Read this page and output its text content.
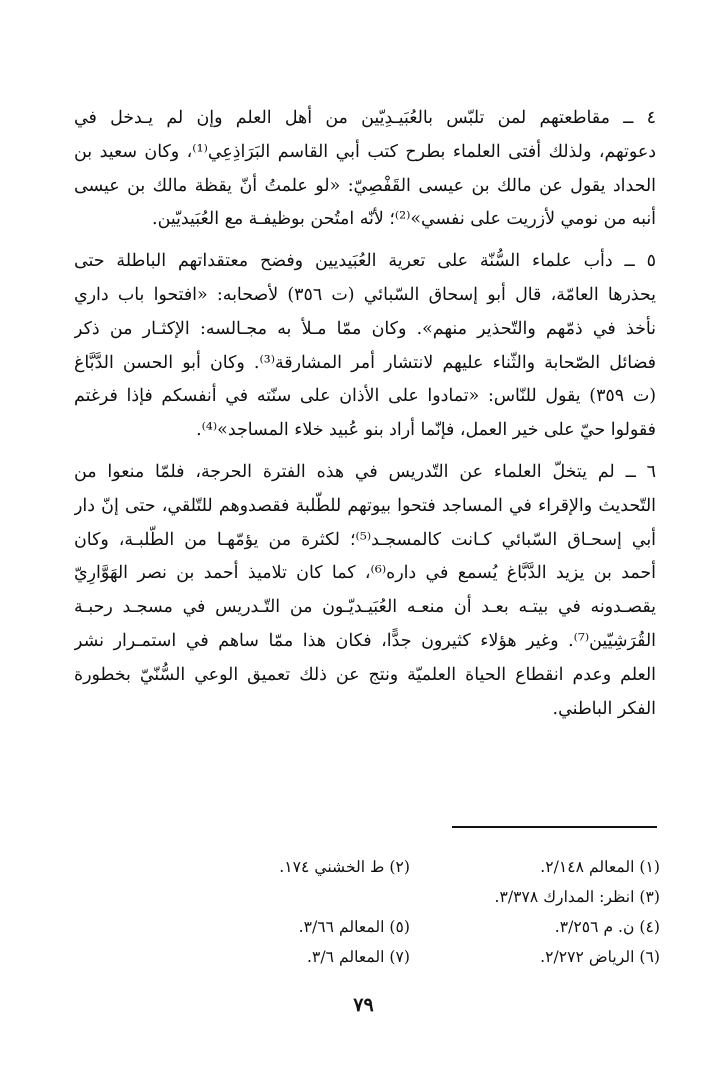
٤ ــ مقاطعتهم لمن تلبّس بالعُبَيـدِيّين من أهل العلم وإن لم يـدخل في
دعوتهم، ولذلك أفتى العلماء بطرح كتب أبي القاسم البَرَاذِعِي⁽¹⁾، وكان سعيد بن
الحداد يقول عن مالك بن عيسى القَفْصِيّ: «لو علمتُ أنّ يقظة مالك بن عيسى
أنبه من نومي لأزريت على نفسي»⁽²⁾؛ لأنّه امتُحن بوظيفـة مع العُبَيديّين.
٥ ــ دأب علماء السُّنّة على تعرية العُبَيديين وفضح معتقداتهم الباطلة حتى
يحذرها العامّة، قال أبو إسحاق السّبائي (ت ٣٥٦) لأصحابه: «افتحوا باب داري
نأخذ في ذمّهم والتّحذير منهم». وكان ممّا مـلأ به مجـالسه: الإكثـار من ذكر
فضائل الصّحابة والثّناء عليهم لانتشار أمر المشارقة⁽³⁾. وكان أبو الحسن الدَّبَّاغ
(ت ٣٥٩) يقول للنّاس: «تمادوا على الأذان على سنّته في أنفسكم فإذا فرغتم
فقولوا حيّ على خير العمل، فإنّما أراد بنو عُبيد خلاء المساجد»⁽⁴⁾.
٦ ــ لم يتخلّ العلماء عن التّدريس في هذه الفترة الحرجة، فلمّا منعوا من
التّحديث والإقراء في المساجد فتحوا بيوتهم للطّلبة فقصدوهم للتّلقي، حتى إنّ دار
أبي إسحـاق السّبائي كـانت كالمسجـد⁽⁵⁾؛ لكثرة من يؤمّهـا من الطّلبـة، وكان
أحمد بن يزيد الدَّبَّاغ يُسمع في داره⁽⁶⁾، كما كان تلاميذ أحمد بن نصر الهَوَّارِيّ
يقصـدونه في بيتـه بعـد أن منعـه العُبَيـديّـون من التّـدريس في مسجـد رحبـة
القُرَشِيّين⁽⁷⁾. وغير هؤلاء كثيرون جدًّا، فكان هذا ممّا ساهم في استمـرار نشر
العلم وعدم انقطاع الحياة العلميّة ونتج عن ذلك تعميق الوعي السُّنّيّ بخطورة
الفكر الباطني.
(١) المعالم ٢/١٤٨.
(٢) ط الخشني ١٧٤.
(٣) انظر: المدارك ٣/٣٧٨.
(٤) ن. م ٣/٢٥٦.
(٥) المعالم ٣/٦٦.
(٦) الرياض ٢/٢٧٢.
(٧) المعالم ٣/٦.
٧٩
